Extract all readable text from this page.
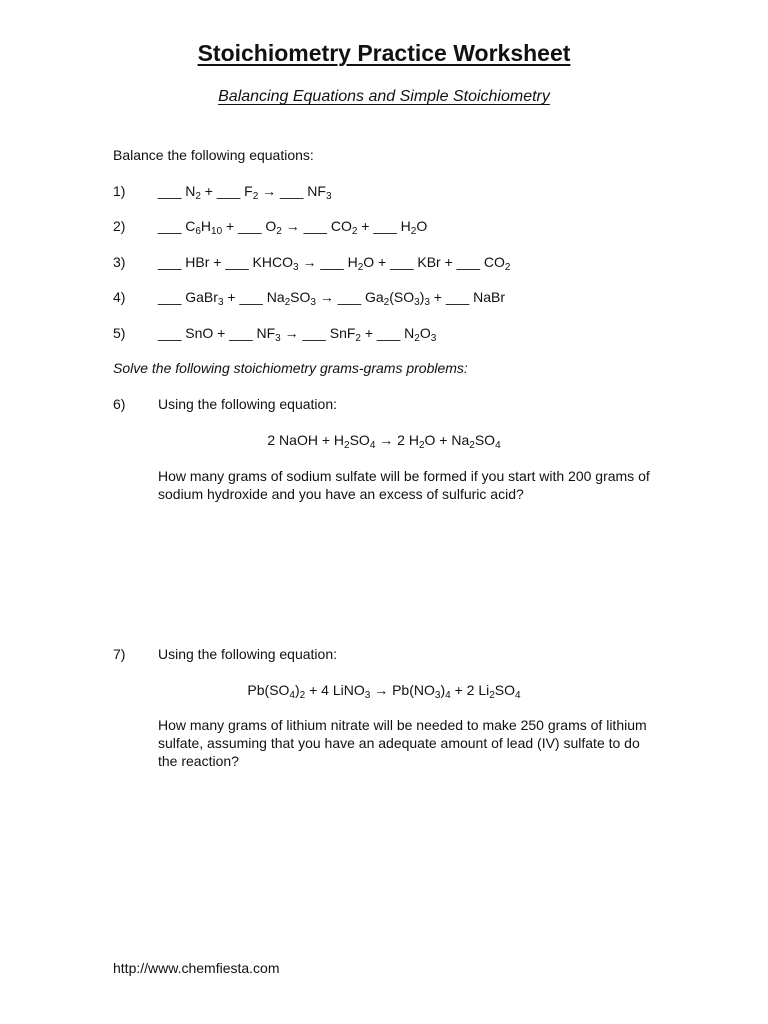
Stoichiometry Practice Worksheet
Balancing Equations and Simple Stoichiometry
Balance the following equations:
1) ___ $N_2$ + ___ $F_2$ → ___ $NF_3$
2) ___ $C_6H_{10}$ + ___ $O_2$ → ___ $CO_2$ + ___ $H_2O$
3) ___ HBr + ___ $KHCO_3$ → ___ $H_2O$ + ___ KBr + ___ $CO_2$
4) ___ GaBr$_3$ + ___ $Na_2SO_3$ → ___ $Ga_2(SO_3)_3$ + ___ NaBr
5) ___ SnO + ___ $NF_3$ → ___ SnF$_2$ + ___ $N_2O_3$
Solve the following stoichiometry grams-grams problems:
6) Using the following equation:
2 NaOH + $H_2SO_4 \to 2$ $H_2O + Na_2SO_4$
How many grams of sodium sulfate will be formed if you start with 200 grams of sodium hydroxide and you have an excess of sulfuric acid?
7) Using the following equation:
$Pb(SO_4)_2 + 4$ LiNO$_3$ → $Pb(NO_3)_4 + 2$ $Li_2SO_4$
How many grams of lithium nitrate will be needed to make 250 grams of lithium sulfate, assuming that you have an adequate amount of lead (IV) sulfate to do the reaction?
http://www.chemfiesta.com
